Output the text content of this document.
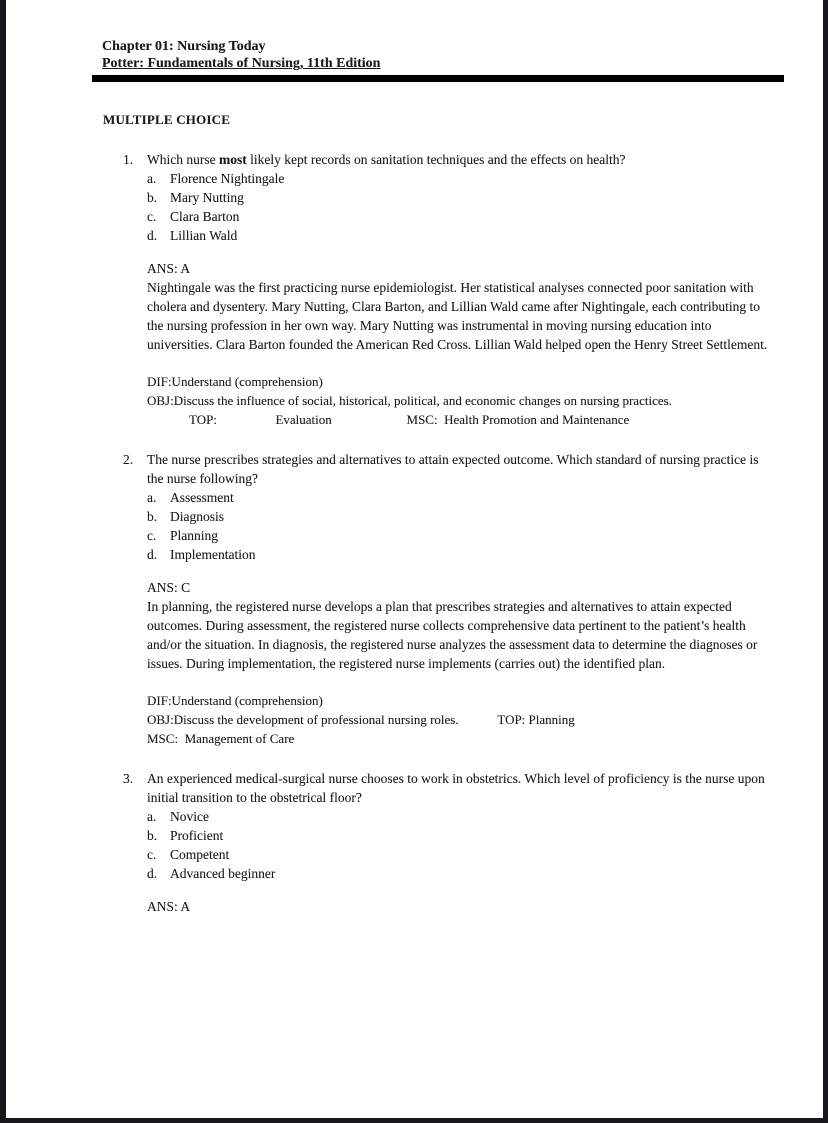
Chapter 01: Nursing Today
Potter: Fundamentals of Nursing, 11th Edition
MULTIPLE CHOICE
1.	Which nurse most likely kept records on sanitation techniques and the effects on health?
a.	Florence Nightingale
b. Mary Nutting
c.	Clara Barton
d. Lillian Wald
ANS: A
Nightingale was the first practicing nurse epidemiologist. Her statistical analyses connected poor sanitation with cholera and dysentery. Mary Nutting, Clara Barton, and Lillian Wald came after Nightingale, each contributing to the nursing profession in her own way. Mary Nutting was instrumental in moving nursing education into universities. Clara Barton founded the American Red Cross. Lillian Wald helped open the Henry Street Settlement.
DIF:Understand (comprehension)
OBJ:Discuss the influence of social, historical, political, and economic changes on nursing practices.
TOP:                  Evaluation                       MSC:  Health Promotion and Maintenance
2.	The nurse prescribes strategies and alternatives to attain expected outcome. Which standard of nursing practice is the nurse following?
a.	Assessment
b. Diagnosis
c.	Planning
d. Implementation
ANS: C
In planning, the registered nurse develops a plan that prescribes strategies and alternatives to attain expected outcomes. During assessment, the registered nurse collects comprehensive data pertinent to the patient’s health and/or the situation. In diagnosis, the registered nurse analyzes the assessment data to determine the diagnoses or issues. During implementation, the registered nurse implements (carries out) the identified plan.
DIF:Understand (comprehension)
OBJ:Discuss the development of professional nursing roles.            TOP: Planning
MSC:  Management of Care
3.	An experienced medical-surgical nurse chooses to work in obstetrics. Which level of proficiency is the nurse upon initial transition to the obstetrical floor?
a.	Novice
b. Proficient
c.	Competent
d. Advanced beginner
ANS: A
